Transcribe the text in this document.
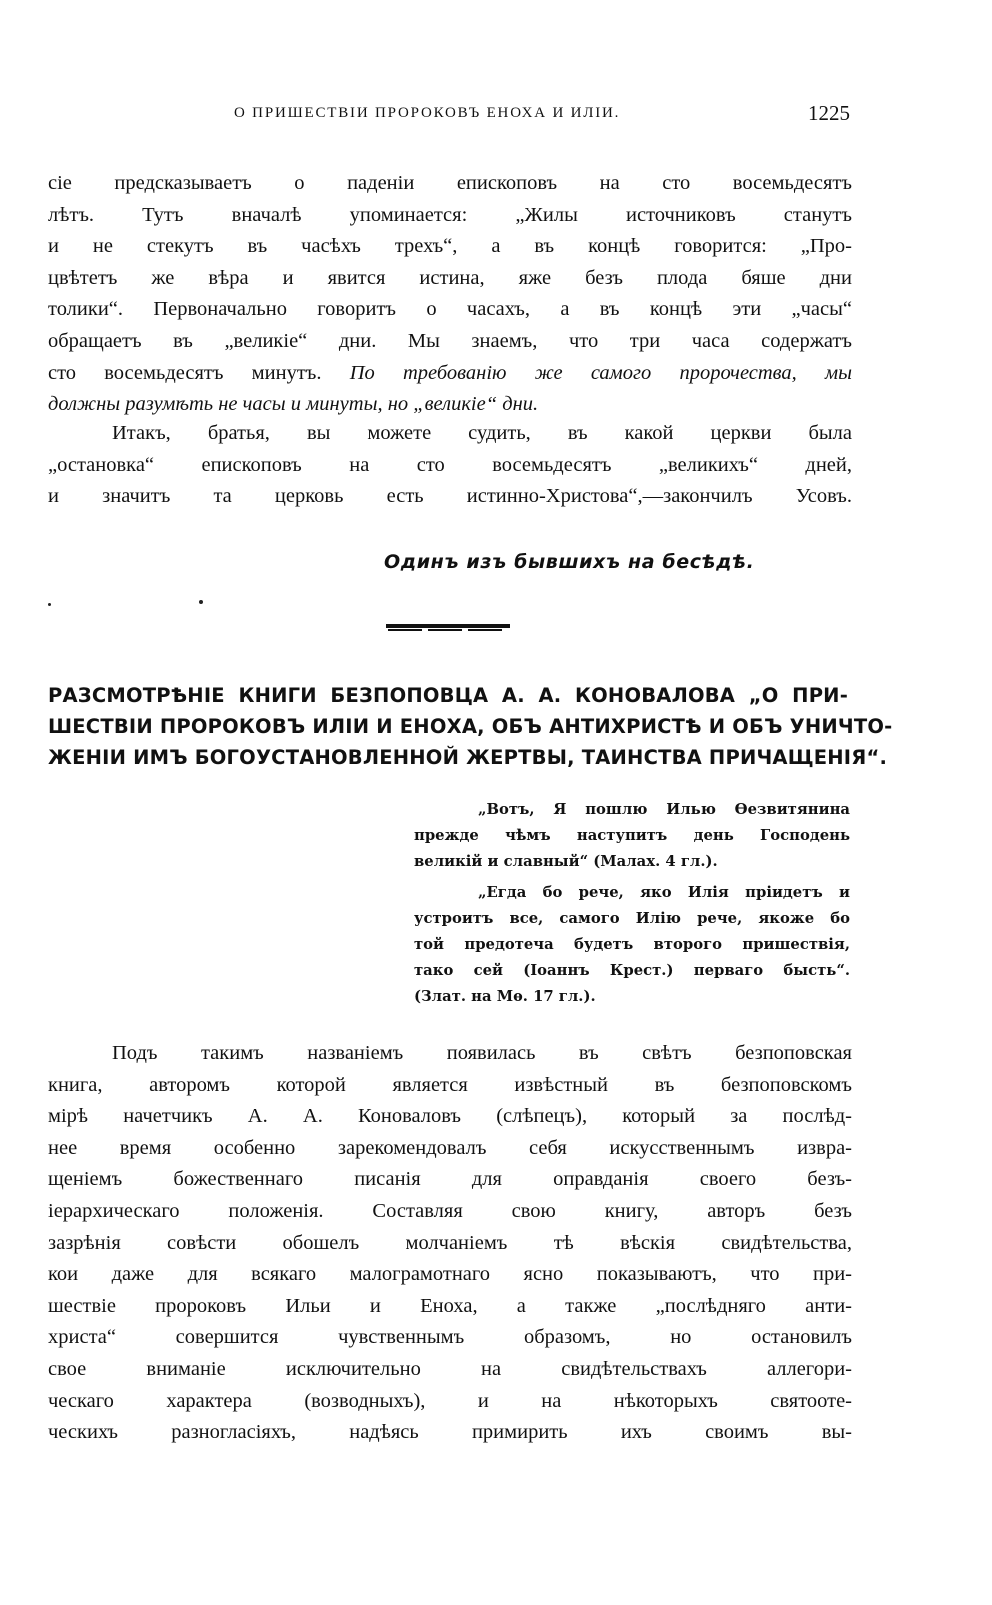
О ПРИШЕСТВІИ ПРОРОКОВЪ ЕНОХА И ИЛІИ.	1225
сіе предсказываетъ о паденіи епископовъ на сто восемьдесятъ
лѣтъ. Тутъ вначалѣ упоминается: „Жилы источниковъ станутъ
и не стекутъ въ часѣхъ трехъ“, а въ концѣ говорится: „Про-
цвѣтетъ же вѣра и явится истина, яже безъ плода бяше дни
толики“. Первоначально говоритъ о часахъ, а въ концѣ эти „часы“
обращаетъ въ „великіе“ дни. Мы знаемъ, что три часа содержатъ
сто восемьдесятъ минутъ. По требованію же самого пророчества, мы
должны разумѣть не часы и минуты, но „великіе“ дни.
Итакъ, братья, вы можете судить, въ какой церкви была
„остановка“ епископовъ на сто восемьдесятъ „великихъ“ дней,
и значитъ та церковь есть истинно-Христова“,—закончилъ Усовъ.
Одинъ изъ бывшихъ на бесѣдѣ.
РАЗСМОТРѢНІЕ КНИГИ БЕЗПОПОВЦА А. А. КОНОВАЛОВА „О ПРИ-
ШЕСТВІИ ПРОРОКОВЪ ИЛІИ И ЕНОХА, ОБЪ АНТИХРИСТѢ И ОБЪ УНИЧТО-
ЖЕНІИ ИМЪ БОГОУСТАНОВЛЕННОЙ ЖЕРТВЫ, ТАИНСТВА ПРИЧАЩЕНІЯ“.
„Вотъ, Я пошлю Илью Ѳезвитянина
прежде чѣмъ наступитъ день Господень
великій и славный“ (Малах. 4 гл.).
„Егда бо рече, яко Илія пріидетъ и
устроитъ все, самого Илію рече, якоже бо
той предотеча будетъ второго пришествія,
тако сей (Іоаннъ Крест.) перваго бысть“.
(Злат. на Мѳ. 17 гл.).
Подъ такимъ названіемъ появилась въ свѣтъ безпоповская
книга, авторомъ которой является извѣстный въ безпоповскомъ
мірѣ начетчикъ А. А. Коноваловъ (слѣпецъ), который за послѣд-
нее время особенно зарекомендовалъ себя искусственнымъ изврa-
щеніемъ божественнаго писанія для оправданія своего безъ-
іерархическаго положенія. Составляя свою книгу, авторъ безъ
зазрѣнія совѣсти обошелъ молчаніемъ тѣ вѣскія свидѣтельства,
кои даже для всякаго малограмотнаго ясно показываютъ, что при-
шествіе пророковъ Ильи и Еноха, а также „послѣдняго анти-
христа“ совершится чувственнымъ образомъ, но остановилъ
свое вниманіе исключительно на свидѣтельствахъ аллегори-
ческаго характера (возводныхъ), и на нѣкоторыхъ святоотe-
ческихъ разногласіяхъ, надѣясь примирить ихъ своимъ вы-
